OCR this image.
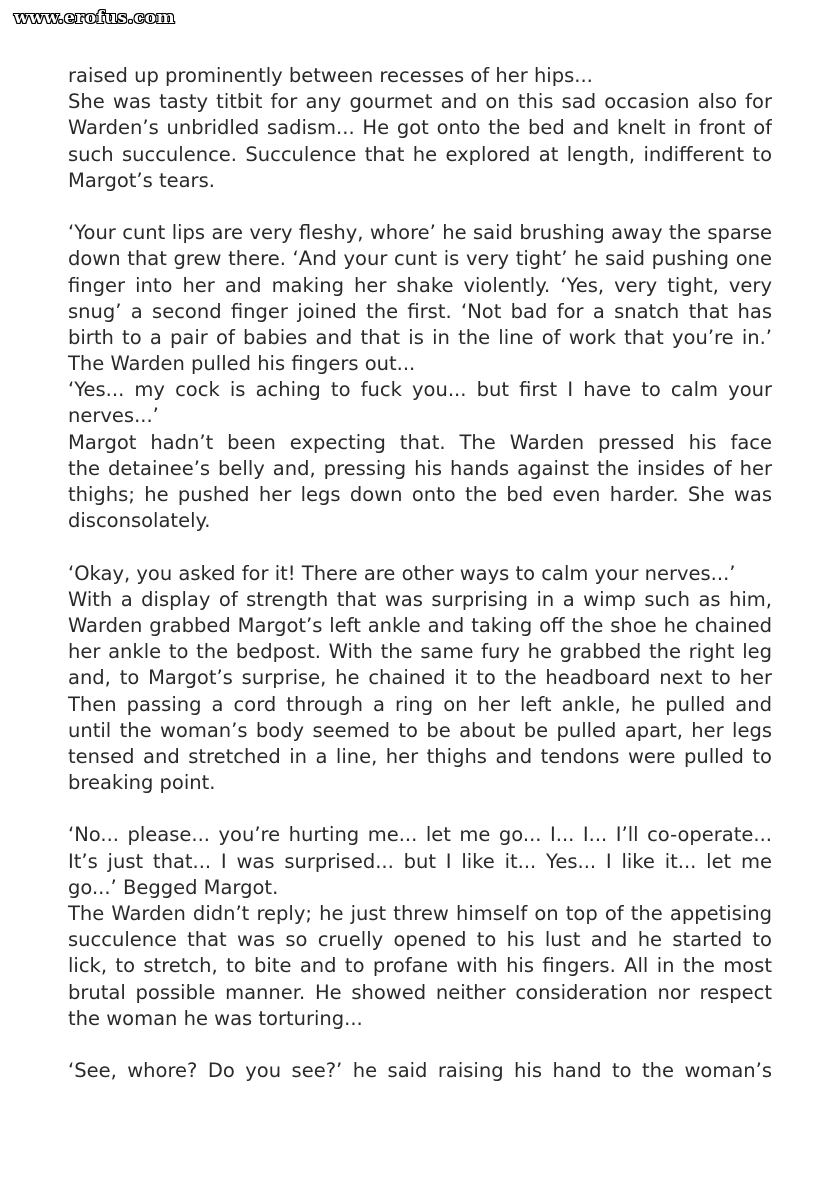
www.erofus.com
raised up prominently between recesses of her hips...
She was tasty titbit for any gourmet and on this sad occasion also for
Warden’s unbridled sadism... He got onto the bed and knelt in front of
such succulence. Succulence that he explored at length, indifferent to
Margot’s tears.
‘Your cunt lips are very fleshy, whore’ he said brushing away the sparse
down that grew there. ‘And your cunt is very tight’ he said pushing one
finger into her and making her shake violently. ‘Yes, very tight, very
snug’ a second finger joined the first. ‘Not bad for a snatch that has
birth to a pair of babies and that is in the line of work that you’re in.’
The Warden pulled his fingers out...
‘Yes... my cock is aching to fuck you... but first I have to calm your
nerves...’
Margot hadn’t been expecting that. The Warden pressed his face
the detainee’s belly and, pressing his hands against the insides of her
thighs; he pushed her legs down onto the bed even harder. She was
disconsolately.
‘Okay, you asked for it! There are other ways to calm your nerves...’
With a display of strength that was surprising in a wimp such as him,
Warden grabbed Margot’s left ankle and taking off the shoe he chained
her ankle to the bedpost. With the same fury he grabbed the right leg
and, to Margot’s surprise, he chained it to the headboard next to her
Then passing a cord through a ring on her left ankle, he pulled and
until the woman’s body seemed to be about be pulled apart, her legs
tensed and stretched in a line, her thighs and tendons were pulled to
breaking point.
‘No... please... you’re hurting me... let me go... I... I... I’ll co-operate...
It’s just that... I was surprised... but I like it... Yes... I like it... let me
go...’ Begged Margot.
The Warden didn’t reply; he just threw himself on top of the appetising
succulence that was so cruelly opened to his lust and he started to
lick, to stretch, to bite and to profane with his fingers. All in the most
brutal possible manner. He showed neither consideration nor respect
the woman he was torturing...
‘See, whore? Do you see?’ he said raising his hand to the woman’s
